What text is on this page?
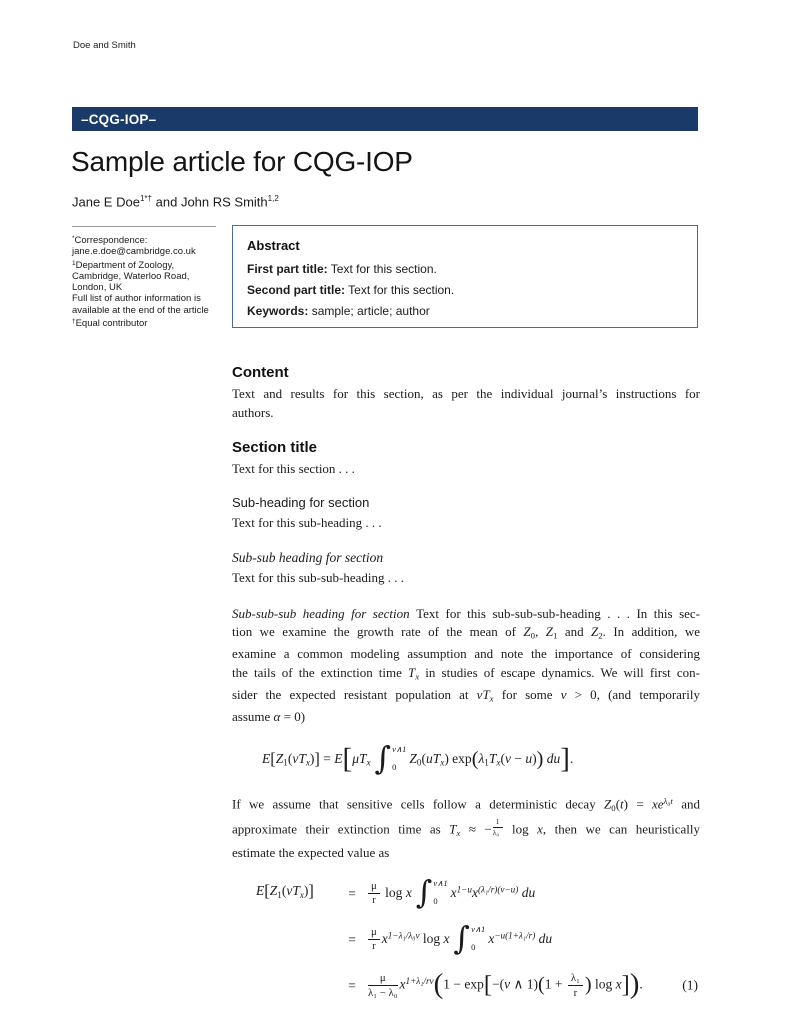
Doe and Smith
–CQG-IOP–
Sample article for CQG-IOP
Jane E Doe$^{1*\dagger}$ and John RS Smith$^{1,2}$
*Correspondence:
jane.e.doe@cambridge.co.uk
$^1$Department of Zoology,
Cambridge, Waterloo Road,
London, UK
Full list of author information is
available at the end of the article
†Equal contributor
Abstract

First part title: Text for this section.

Second part title: Text for this section.

Keywords: sample; article; author

Content
Text and results for this section, as per the individual journal’s instructions for
authors.
Section title
Text for this section . . .
Sub-heading for section
Text for this sub-heading . . .
Sub-sub heading for section
Text for this sub-sub-heading . . .
Sub-sub-sub heading for section Text for this sub-sub-sub-heading . . . In this sec-
tion we examine the growth rate of the mean of $Z_0$, $Z_1$ and $Z_2$. In addition, we
examine a common modeling assumption and note the importance of considering
the tails of the extinction time $T_x$ in studies of escape dynamics. We will first con-
sider the expected resistant population at $vT_x$ for some v > 0, (and temporarily
assume α = 0)
$E[Z_1(vT_x)] = E[\mu T_x$ ∫ v∧1
0
$Z_0(uT_x) \exp(\lambda_1T_x(v - u))$ du].
If we assume that sensitive cells follow a deterministic decay $Z_0(t) = xe^{\lambda_0t}$ and
approximate their extinction time as $T_x$ ≈ − $\frac{1}{\text{λ₀}}$ log x, then we can heuristically
estimate the expected value as
$E[Z_1(vT_x)]$	=	$\frac{\mu}{r}$ log x ∫ v∧1
0
$x^{1-u}x^{(\lambda_1/r)(v-u)}$ du
=	$\frac{\mu}{r} x^{1-\lambda_1/\lambda_0v}$ log x ∫ v∧1
0
$x^{-u(1+\lambda_1/r)}$ du
=	$\frac{\mu}{\text{λ₁ − λ₀}} x^{1+\lambda_1/rv}(1 - \exp[-(v$ ∧ $1)(1 + \frac{\text{λ₁}}{r}$ ) log x]).	(1)
